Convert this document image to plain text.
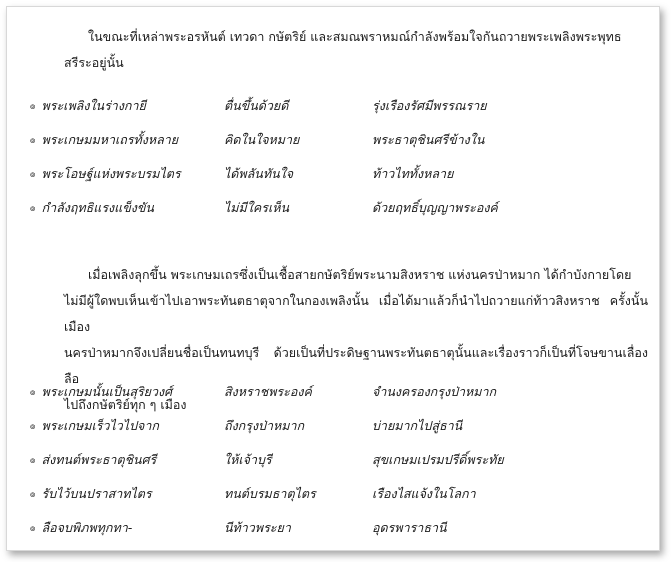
ในขณะที่เหล่าพระอรหันต์ เทวดา กษัตริย์ และสมณพราหมณ์กำลังพร้อมใจกันถวายพระเพลิงพระพุทธ
สรีระอยู่นั้น

๏ พระเพลิงในร่างกายี	ตื่นขึ้นด้วยดี	รุ่งเรืองรัศมีพรรณราย
๏ พระเกษมมหาเถรทั้งหลาย	คิดในใจหมาย	พระธาตุชินศรีข้างใน
๏ พระโอษฐ์แห่งพระบรมไตร	ได้พลันทันใจ	ท้าวไททั้งหลาย
๏ กำลังฤทธิแรงแข็งขัน	ไม่มีใครเห็น	ด้วยฤทธิ์บุญญาพระองค์

เมื่อเพลิงลุกขึ้น พระเกษมเถรซึ่งเป็นเชื้อสายกษัตริย์พระนามสิงหราช แห่งนครป่าหมาก ได้กำบังกายโดย
ไม่มีผู้ใดพบเห็นเข้าไปเอาพระทันตธาตุจากในกองเพลิงนั้น เมื่อได้มาแล้วก็นำไปถวายแก่ท้าวสิงหราช ครั้งนั้นเมือง
นครป่าหมากจึงเปลี่ยนชื่อเป็นทนทบุรี ด้วยเป็นที่ประดิษฐานพระทันตธาตุนั้นและเรื่องราวก็เป็นที่โจษขานเลื่องลือ
ไปถึงกษัตริย์ทุก ๆ เมือง

๏ พระเกษมนั้นเป็นสุริยวงศ์	สิงหราชพระองค์	จำนงครองกรุงป่าหมาก
๏ พระเกษมเร็วไวไปจาก	ถึงกรุงป่าหมาก	บ่ายมากไปสู่ธานี
๏ ส่งทนต์พระธาตุชินศรี	ให้เจ้าบุรี	สุขเกษมเปรมปรีดิ์พระทัย
๏ รับไว้บนปราสาทไตร	ทนต์บรมธาตุไตร	เรืองไสแจ้งในโลกา
๏ ลือจบพิภพทุกทา-	นีท้าวพระยา	อุดรพาราธานี
